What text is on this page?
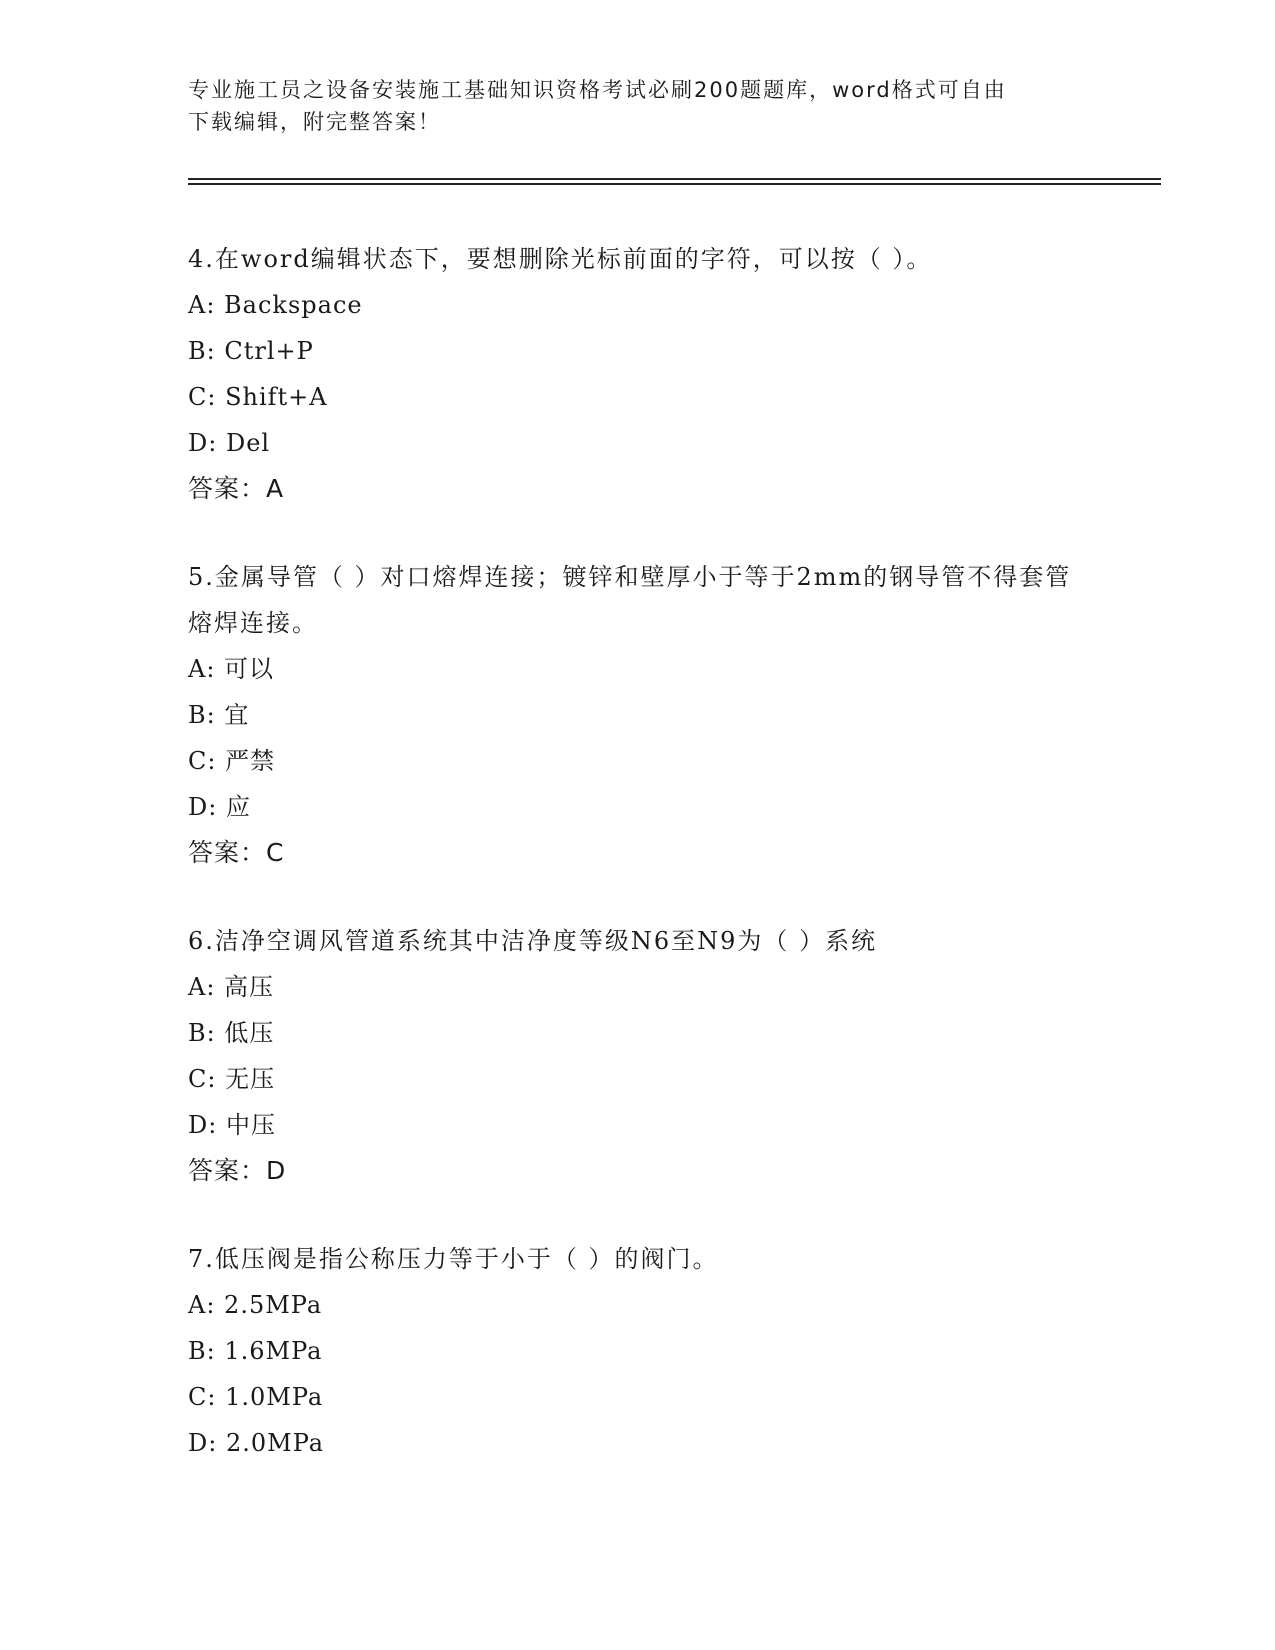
专业施工员之设备安装施工基础知识资格考试必刷200题题库，word格式可自由
下载编辑，附完整答案！

4.在word编辑状态下，要想删除光标前面的字符，可以按（ ）。

A: Backspace

B: Ctrl+P

C: Shift+A

D: Del

答案：A

5.金属导管（ ）对口熔焊连接；镀锌和壁厚小于等于2mm的钢导管不得套管熔焊连接。

A: 可以

B: 宜

C: 严禁

D: 应

答案：C

6.洁净空调风管道系统其中洁净度等级N6至N9为（ ）系统

A: 高压

B: 低压

C: 无压

D: 中压

答案：D

7.低压阀是指公称压力等于小于（ ）的阀门。

A: 2.5MPa

B: 1.6MPa

C: 1.0MPa

D: 2.0MPa
